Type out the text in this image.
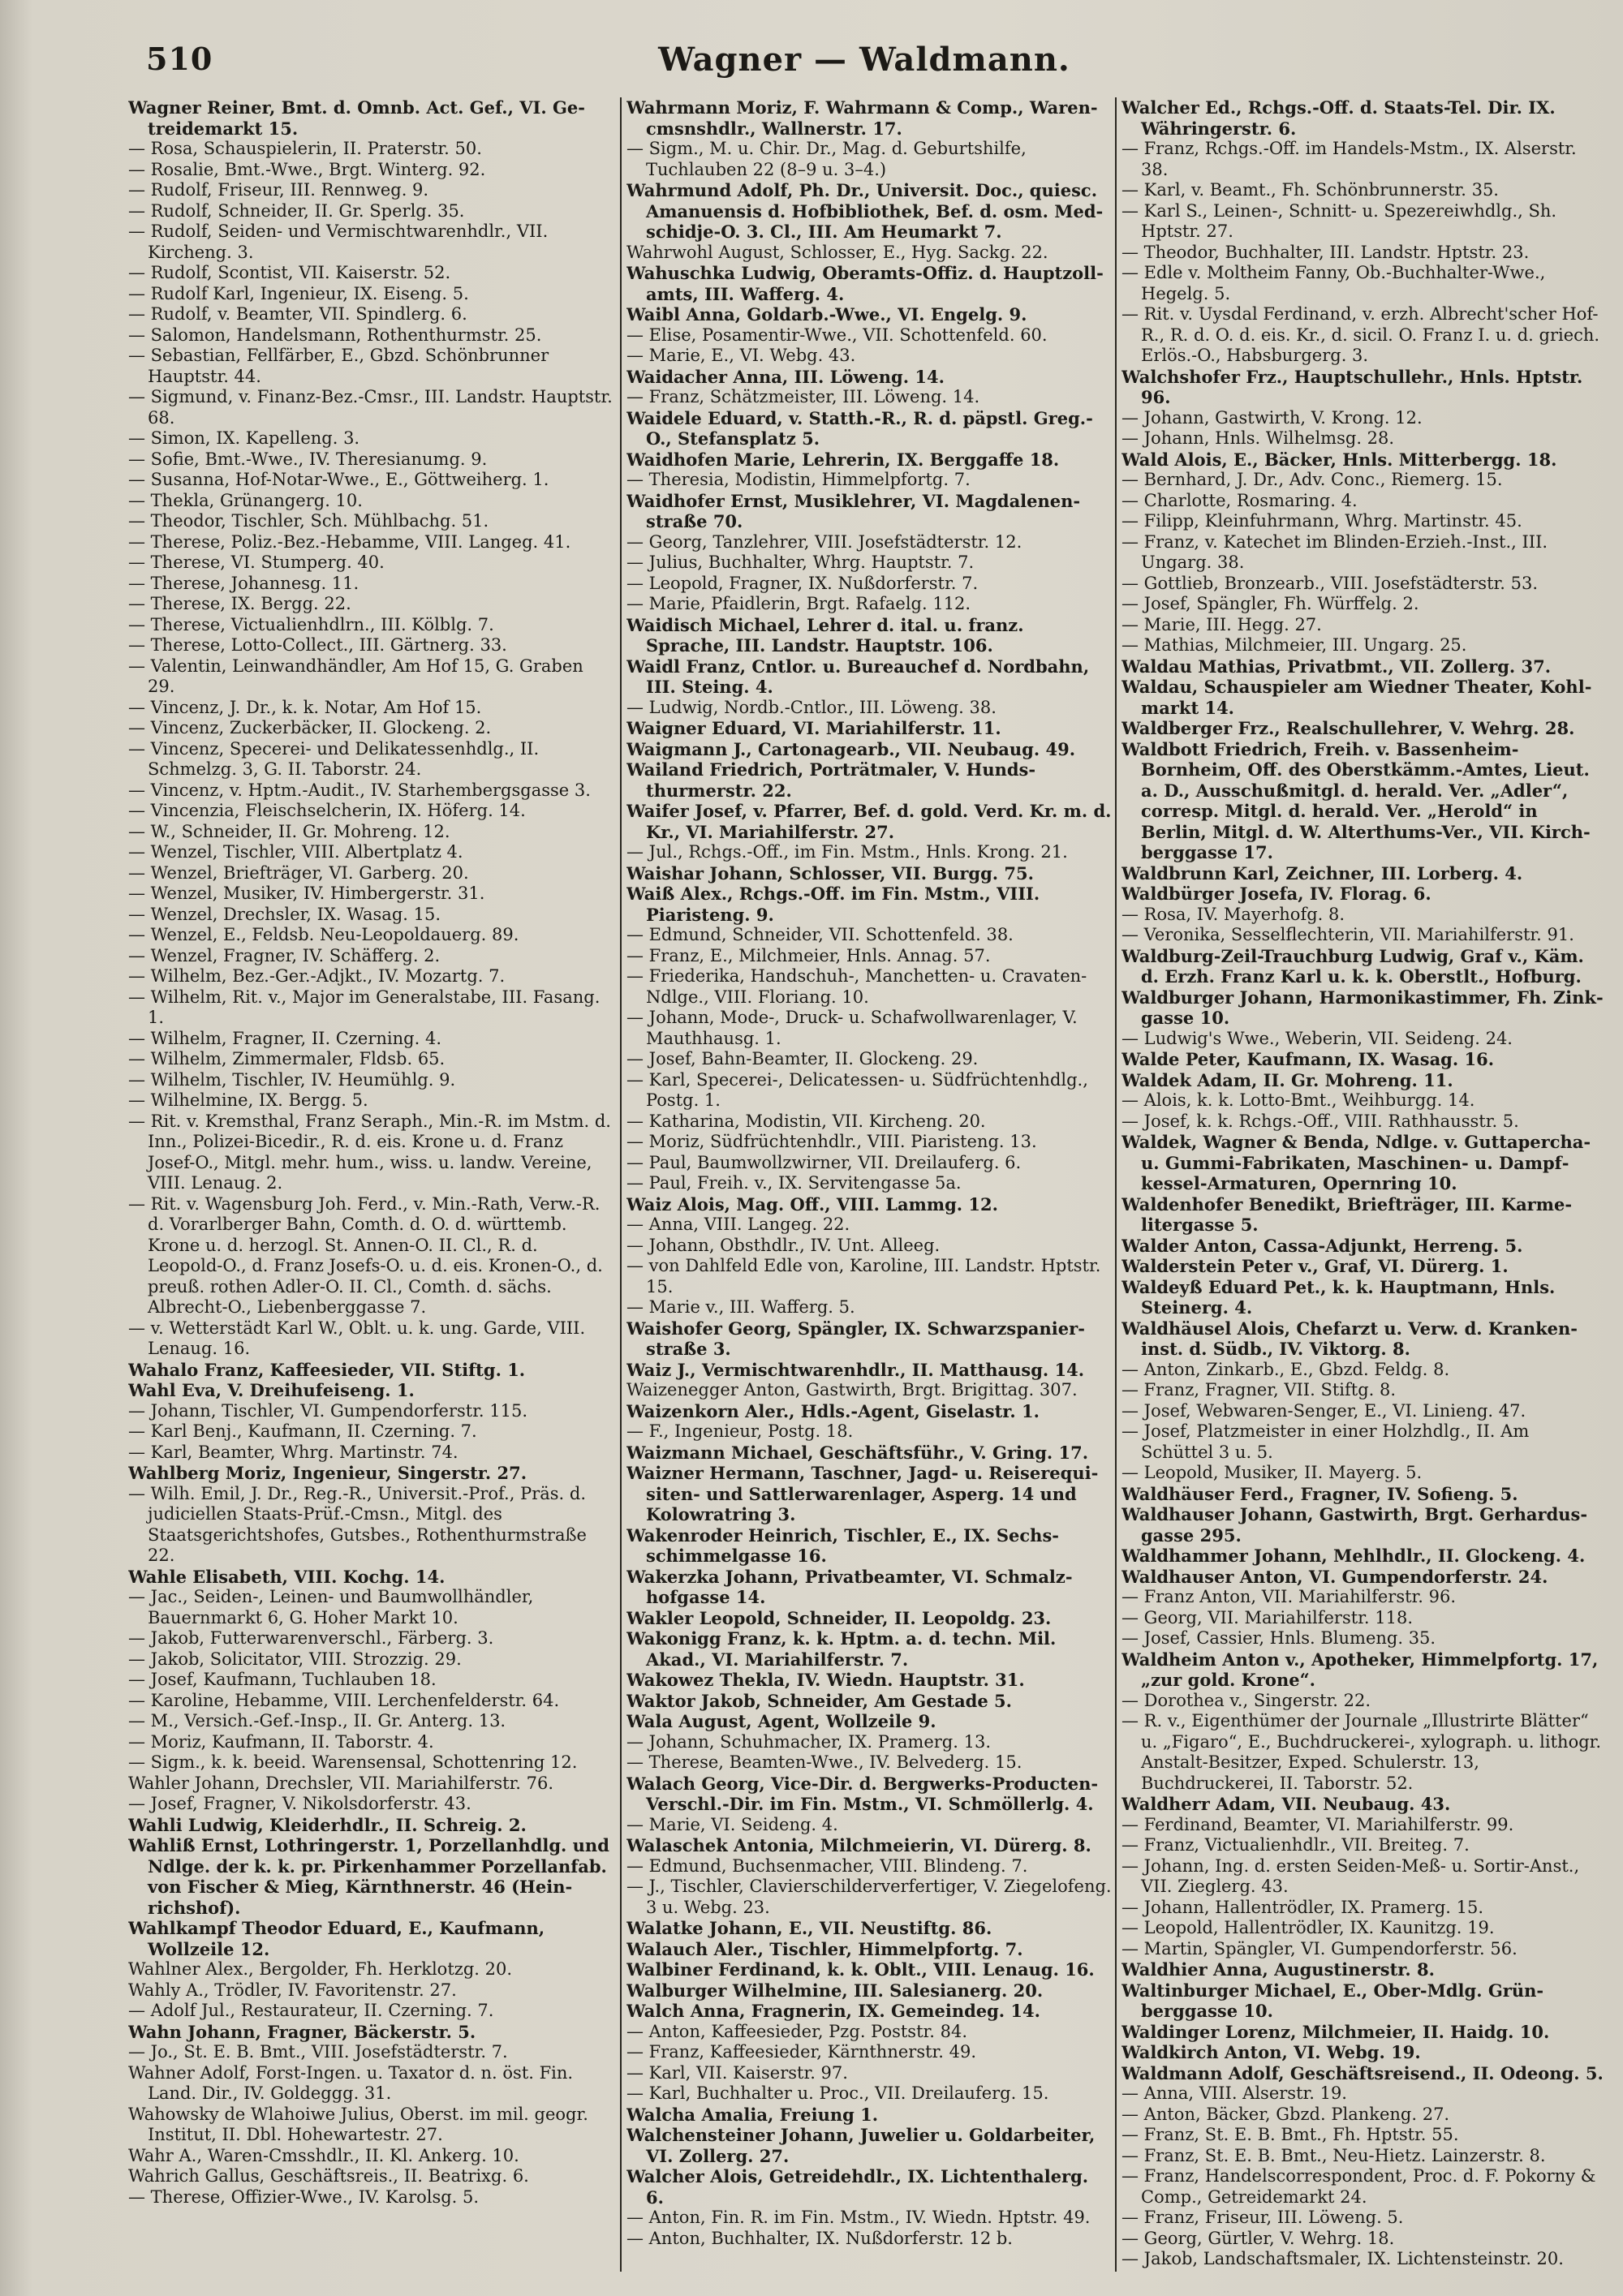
510	Wagner — Waldmann.

Wagner Reiner, Bmt. d. Omnb. Act. Gef., VI. Getreidemarkt 15.

— Rosa, Schauspielerin, II. Praterstr. 50.

— Rosalie, Bmt.-Wwe., Brgt. Winterg. 92.

— Rudolf, Friseur, III. Rennweg. 9.

— Rudolf, Schneider, II. Gr. Sperlg. 35.

— Rudolf, Seiden- und Vermischtwarenhdlr., VII. Kircheng. 3.

— Rudolf, Scontist, VII. Kaiserstr. 52.

— Rudolf Karl, Ingenieur, IX. Eiseng. 5.

— Rudolf, v. Beamter, VII. Spindlerg. 6.

— Salomon, Handelsmann, Rothenthurmstr. 25.

— Sebastian, Fellfärber, E., Gbzd. Schönbrunner Hauptstr. 44.

— Sigmund, v. Finanz-Bez.-Cmsr., III. Landstr. Hauptstr. 68.

— Simon, IX. Kapelleng. 3.

— Sofie, Bmt.-Wwe., IV. Theresianumg. 9.

— Susanna, Hof-Notar-Wwe., E., Göttweiherg. 1.

— Thekla, Grünangerg. 10.

— Theodor, Tischler, Sch. Mühlbachg. 51.

— Therese, Poliz.-Bez.-Hebamme, VIII. Langeg. 41.

— Therese, VI. Stumperg. 40.

— Therese, Johannesg. 11.

— Therese, IX. Bergg. 22.

— Therese, Victualienhdlrn., III. Kölblg. 7.

— Therese, Lotto-Collect., III. Gärtnerg. 33.

— Valentin, Leinwandhändler, Am Hof 15, G. Graben 29.

— Vincenz, J. Dr., k. k. Notar, Am Hof 15.

— Vincenz, Zuckerbäcker, II. Glockeng. 2.

— Vincenz, Specerei- und Delikatessenhdlg., II. Schmelzg. 3, G. II. Taborstr. 24.

— Vincenz, v. Hptm.-Audit., IV. Starhembergsgasse 3.

— Vincenzia, Fleischselcherin, IX. Höferg. 14.

— W., Schneider, II. Gr. Mohreng. 12.

— Wenzel, Tischler, VIII. Albertplatz 4.

— Wenzel, Briefträger, VI. Garberg. 20.

— Wenzel, Musiker, IV. Himbergerstr. 31.

— Wenzel, Drechsler, IX. Wasag. 15.

— Wenzel, E., Feldsb. Neu-Leopoldauerg. 89.

— Wenzel, Fragner, IV. Schäfferg. 2.

— Wilhelm, Bez.-Ger.-Adjkt., IV. Mozartg. 7.

— Wilhelm, Rit. v., Major im Generalstabe, III. Fasang. 1.

— Wilhelm, Fragner, II. Czerning. 4.

— Wilhelm, Zimmermaler, Fldsb. 65.

— Wilhelm, Tischler, IV. Heumühlg. 9.

— Wilhelmine, IX. Bergg. 5.

— Rit. v. Kremsthal, Franz Seraph., Min.-R. im Mstm. d. Inn., Polizei-Bicedir., R. d. eis. Krone u. d. Franz Josef-O., Mitgl. mehr. hum., wiss. u. landw. Vereine, VIII. Lenaug. 2.

— Rit. v. Wagensburg Joh. Ferd., v. Min.-Rath, Verw.-R. d. Vorarlberger Bahn, Comth. d. O. d. württemb. Krone u. d. herzogl. St. Annen-O. II. Cl., R. d. Leopold-O., d. Franz Josefs-O. u. d. eis. Kronen-O., d. preuß. rothen Adler-O. II. Cl., Comth. d. sächs. Albrecht-O., Liebenberggasse 7.

— v. Wetterstädt Karl W., Oblt. u. k. ung. Garde, VIII. Lenaug. 16.

Wahalo Franz, Kaffeesieder, VII. Stiftg. 1.

Wahl Eva, V. Dreihufeiseng. 1.

— Johann, Tischler, VI. Gumpendorferstr. 115.

— Karl Benj., Kaufmann, II. Czerning. 7.

— Karl, Beamter, Whrg. Martinstr. 74.

Wahlberg Moriz, Ingenieur, Singerstr. 27.

— Wilh. Emil, J. Dr., Reg.-R., Universit.-Prof., Präs. d. judiciellen Staats-Prüf.-Cmsn., Mitgl. des Staatsgerichtshofes, Gutsbes., Rothenthurmstraße 22.

Wahle Elisabeth, VIII. Kochg. 14.

— Jac., Seiden-, Leinen- und Baumwollhändler, Bauernmarkt 6, G. Hoher Markt 10.

— Jakob, Futterwarenverschl., Färberg. 3.

— Jakob, Solicitator, VIII. Strozzig. 29.

— Josef, Kaufmann, Tuchlauben 18.

— Karoline, Hebamme, VIII. Lerchenfelderstr. 64.

— M., Versich.-Gef.-Insp., II. Gr. Anterg. 13.

— Moriz, Kaufmann, II. Taborstr. 4.

— Sigm., k. k. beeid. Warensensal, Schottenring 12.

Wahler Johann, Drechsler, VII. Mariahilferstr. 76.

— Josef, Fragner, V. Nikolsdorferstr. 43.

Wahli Ludwig, Kleiderhdlr., II. Schreig. 2.

Wahliß Ernst, Lothringerstr. 1, Porzellanhdlg. und Ndlge. der k. k. pr. Pirkenhammer Porzellanfab. von Fischer & Mieg, Kärnthnerstr. 46 (Heinrichshof).

Wahlkampf Theodor Eduard, E., Kaufmann, Wollzeile 12.

Wahlner Alex., Bergolder, Fh. Herklotzg. 20.

Wahly A., Trödler, IV. Favoritenstr. 27.

— Adolf Jul., Restaurateur, II. Czerning. 7.

Wahn Johann, Fragner, Bäckerstr. 5.

— Jo., St. E. B. Bmt., VIII. Josefstädterstr. 7.

Wahner Adolf, Forst-Ingen. u. Taxator d. n. öst. Fin. Land. Dir., IV. Goldeggg. 31.

Wahowsky de Wlahoiwe Julius, Oberst. im mil. geogr. Institut, II. Dbl. Hohewartestr. 27.

Wahr A., Waren-Cmsshdlr., II. Kl. Ankerg. 10.

Wahrich Gallus, Geschäftsreis., II. Beatrixg. 6.

— Therese, Offizier-Wwe., IV. Karolsg. 5.

Wahrmann Moriz, F. Wahrmann & Comp., Warencmsnshdlr., Wallnerstr. 17.

— Sigm., M. u. Chir. Dr., Mag. d. Geburtshilfe, Tuchlauben 22 (8–9 u. 3–4.)

Wahrmund Adolf, Ph. Dr., Universit. Doc., quiesc. Amanuensis d. Hofbibliothek, Bef. d. osm. Medschidje-O. 3. Cl., III. Am Heumarkt 7.

Wahrwohl August, Schlosser, E., Hyg. Sackg. 22.

Wahuschka Ludwig, Oberamts-Offiz. d. Hauptzollamts, III. Wafferg. 4.

Waibl Anna, Goldarb.-Wwe., VI. Engelg. 9.

— Elise, Posamentir-Wwe., VII. Schottenfeld. 60.

— Marie, E., VI. Webg. 43.

Waidacher Anna, III. Löweng. 14.

— Franz, Schätzmeister, III. Löweng. 14.

Waidele Eduard, v. Statth.-R., R. d. päpstl. Greg.-O., Stefansplatz 5.

Waidhofen Marie, Lehrerin, IX. Berggaffe 18.

— Theresia, Modistin, Himmelpfortg. 7.

Waidhofer Ernst, Musiklehrer, VI. Magdalenenstraße 70.

— Georg, Tanzlehrer, VIII. Josefstädterstr. 12.

— Julius, Buchhalter, Whrg. Hauptstr. 7.

— Leopold, Fragner, IX. Nußdorferstr. 7.

— Marie, Pfaidlerin, Brgt. Rafaelg. 112.

Waidisch Michael, Lehrer d. ital. u. franz. Sprache, III. Landstr. Hauptstr. 106.

Waidl Franz, Cntlor. u. Bureauchef d. Nordbahn, III. Steing. 4.

— Ludwig, Nordb.-Cntlor., III. Löweng. 38.

Waigner Eduard, VI. Mariahilferstr. 11.

Waigmann J., Cartonagearb., VII. Neubaug. 49.

Wailand Friedrich, Porträtmaler, V. Hundsthurmerstr. 22.

Waifer Josef, v. Pfarrer, Bef. d. gold. Verd. Kr. m. d. Kr., VI. Mariahilferstr. 27.

— Jul., Rchgs.-Off., im Fin. Mstm., Hnls. Krong. 21.

Waishar Johann, Schlosser, VII. Burgg. 75.

Waiß Alex., Rchgs.-Off. im Fin. Mstm., VIII. Piaristeng. 9.

— Edmund, Schneider, VII. Schottenfeld. 38.

— Franz, E., Milchmeier, Hnls. Annag. 57.

— Friederika, Handschuh-, Manchetten- u. Cravaten-Ndlge., VIII. Floriang. 10.

— Johann, Mode-, Druck- u. Schafwollwarenlager, V. Mauthhausg. 1.

— Josef, Bahn-Beamter, II. Glockeng. 29.

— Karl, Specerei-, Delicatessen- u. Südfrüchtenhdlg., Postg. 1.

— Katharina, Modistin, VII. Kircheng. 20.

— Moriz, Südfrüchtenhdlr., VIII. Piaristeng. 13.

— Paul, Baumwollzwirner, VII. Dreilauferg. 6.

— Paul, Freih. v., IX. Servitengasse 5a.

Waiz Alois, Mag. Off., VIII. Lammg. 12.

— Anna, VIII. Langeg. 22.

— Johann, Obsthdlr., IV. Unt. Alleeg.

— von Dahlfeld Edle von, Karoline, III. Landstr. Hptstr. 15.

— Marie v., III. Wafferg. 5.

Waishofer Georg, Spängler, IX. Schwarzspanierstraße 3.

Waiz J., Vermischtwarenhdlr., II. Matthausg. 14.

Waizenegger Anton, Gastwirth, Brgt. Brigittag. 307.

Waizenkorn Aler., Hdls.-Agent, Giselastr. 1.

— F., Ingenieur, Postg. 18.

Waizmann Michael, Geschäftsführ., V. Gring. 17.

Waizner Hermann, Taschner, Jagd- u. Reiserequisiten- und Sattlerwarenlager, Asperg. 14 und Kolowratring 3.

Wakenroder Heinrich, Tischler, E., IX. Sechsschimmelgasse 16.

Wakerzka Johann, Privatbeamter, VI. Schmalzhofgasse 14.

Wakler Leopold, Schneider, II. Leopoldg. 23.

Wakonigg Franz, k. k. Hptm. a. d. techn. Mil. Akad., VI. Mariahilferstr. 7.

Wakowez Thekla, IV. Wiedn. Hauptstr. 31.

Waktor Jakob, Schneider, Am Gestade 5.

Wala August, Agent, Wollzeile 9.

— Johann, Schuhmacher, IX. Pramerg. 13.

— Therese, Beamten-Wwe., IV. Belvederg. 15.

Walach Georg, Vice-Dir. d. Bergwerks-Producten-Verschl.-Dir. im Fin. Mstm., VI. Schmöllerlg. 4.

— Marie, VI. Seideng. 4.

Walaschek Antonia, Milchmeierin, VI. Dürerg. 8.

— Edmund, Buchsenmacher, VIII. Blindeng. 7.

— J., Tischler, Clavierschilderverfertiger, V. Ziegelofeng. 3 u. Webg. 23.

Walatke Johann, E., VII. Neustiftg. 86.

Walauch Aler., Tischler, Himmelpfortg. 7.

Walbiner Ferdinand, k. k. Oblt., VIII. Lenaug. 16.

Walburger Wilhelmine, III. Salesianerg. 20.

Walch Anna, Fragnerin, IX. Gemeindeg. 14.

— Anton, Kaffeesieder, Pzg. Poststr. 84.

— Franz, Kaffeesieder, Kärnthnerstr. 49.

— Karl, VII. Kaiserstr. 97.

— Karl, Buchhalter u. Proc., VII. Dreilauferg. 15.

Walcha Amalia, Freiung 1.

Walchensteiner Johann, Juwelier u. Goldarbeiter, VI. Zollerg. 27.

Walcher Alois, Getreidehdlr., IX. Lichtenthalerg. 6.

— Anton, Fin. R. im Fin. Mstm., IV. Wiedn. Hptstr. 49.

— Anton, Buchhalter, IX. Nußdorferstr. 12 b.

Walcher Ed., Rchgs.-Off. d. Staats-Tel. Dir. IX. Währingerstr. 6.

— Franz, Rchgs.-Off. im Handels-Mstm., IX. Alserstr. 38.

— Karl, v. Beamt., Fh. Schönbrunnerstr. 35.

— Karl S., Leinen-, Schnitt- u. Spezereiwhdlg., Sh. Hptstr. 27.

— Theodor, Buchhalter, III. Landstr. Hptstr. 23.

— Edle v. Moltheim Fanny, Ob.-Buchhalter-Wwe., Hegelg. 5.

— Rit. v. Uysdal Ferdinand, v. erzh. Albrecht'scher Hof-R., R. d. O. d. eis. Kr., d. sicil. O. Franz I. u. d. griech. Erlös.-O., Habsburgerg. 3.

Walchshofer Frz., Hauptschullehr., Hnls. Hptstr. 96.

— Johann, Gastwirth, V. Krong. 12.

— Johann, Hnls. Wilhelmsg. 28.

Wald Alois, E., Bäcker, Hnls. Mitterbergg. 18.

— Bernhard, J. Dr., Adv. Conc., Riemerg. 15.

— Charlotte, Rosmaring. 4.

— Filipp, Kleinfuhrmann, Whrg. Martinstr. 45.

— Franz, v. Katechet im Blinden-Erzieh.-Inst., III. Ungarg. 38.

— Gottlieb, Bronzearb., VIII. Josefstädterstr. 53.

— Josef, Spängler, Fh. Würffelg. 2.

— Marie, III. Hegg. 27.

— Mathias, Milchmeier, III. Ungarg. 25.

Waldau Mathias, Privatbmt., VII. Zollerg. 37.

Waldau, Schauspieler am Wiedner Theater, Kohlmarkt 14.

Waldberger Frz., Realschullehrer, V. Wehrg. 28.

Waldbott Friedrich, Freih. v. Bassenheim-Bornheim, Off. des Oberstkämm.-Amtes, Lieut. a. D., Ausschußmitgl. d. herald. Ver. „Adler“, corresp. Mitgl. d. herald. Ver. „Herold“ in Berlin, Mitgl. d. W. Alterthums-Ver., VII. Kirchberggasse 17.

Waldbrunn Karl, Zeichner, III. Lorberg. 4.

Waldbürger Josefa, IV. Florag. 6.

— Rosa, IV. Mayerhofg. 8.

— Veronika, Sesselflechterin, VII. Mariahilferstr. 91.

Waldburg-Zeil-Trauchburg Ludwig, Graf v., Käm. d. Erzh. Franz Karl u. k. k. Oberstlt., Hofburg.

Waldburger Johann, Harmonikastimmer, Fh. Zinkgasse 10.

— Ludwig's Wwe., Weberin, VII. Seideng. 24.

Walde Peter, Kaufmann, IX. Wasag. 16.

Waldek Adam, II. Gr. Mohreng. 11.

— Alois, k. k. Lotto-Bmt., Weihburgg. 14.

— Josef, k. k. Rchgs.-Off., VIII. Rathhausstr. 5.

Waldek, Wagner & Benda, Ndlge. v. Guttapercha- u. Gummi-Fabrikaten, Maschinen- u. Dampfkessel-Armaturen, Opernring 10.

Waldenhofer Benedikt, Briefträger, III. Karmelitergasse 5.

Walder Anton, Cassa-Adjunkt, Herreng. 5.

Walderstein Peter v., Graf, VI. Dürerg. 1.

Waldeyß Eduard Pet., k. k. Hauptmann, Hnls. Steinerg. 4.

Waldhäusel Alois, Chefarzt u. Verw. d. Krankeninst. d. Südb., IV. Viktorg. 8.

— Anton, Zinkarb., E., Gbzd. Feldg. 8.

— Franz, Fragner, VII. Stiftg. 8.

— Josef, Webwaren-Senger, E., VI. Linieng. 47.

— Josef, Platzmeister in einer Holzhdlg., II. Am Schüttel 3 u. 5.

— Leopold, Musiker, II. Mayerg. 5.

Waldhäuser Ferd., Fragner, IV. Sofieng. 5.

Waldhauser Johann, Gastwirth, Brgt. Gerhardusgasse 295.

Waldhammer Johann, Mehlhdlr., II. Glockeng. 4.

Waldhauser Anton, VI. Gumpendorferstr. 24.

— Franz Anton, VII. Mariahilferstr. 96.

— Georg, VII. Mariahilferstr. 118.

— Josef, Cassier, Hnls. Blumeng. 35.

Waldheim Anton v., Apotheker, Himmelpfortg. 17, „zur gold. Krone“.

— Dorothea v., Singerstr. 22.

— R. v., Eigenthümer der Journale „Illustrirte Blätter“ u. „Figaro“, E., Buchdruckerei-, xylograph. u. lithogr. Anstalt-Besitzer, Exped. Schulerstr. 13, Buchdruckerei, II. Taborstr. 52.

Waldherr Adam, VII. Neubaug. 43.

— Ferdinand, Beamter, VI. Mariahilferstr. 99.

— Franz, Victualienhdlr., VII. Breiteg. 7.

— Johann, Ing. d. ersten Seiden-Meß- u. Sortir-Anst., VII. Zieglerg. 43.

— Johann, Hallentrödler, IX. Pramerg. 15.

— Leopold, Hallentrödler, IX. Kaunitzg. 19.

— Martin, Spängler, VI. Gumpendorferstr. 56.

Waldhier Anna, Augustinerstr. 8.

Waltinburger Michael, E., Ober-Mdlg. Grünberggasse 10.

Waldinger Lorenz, Milchmeier, II. Haidg. 10.

Waldkirch Anton, VI. Webg. 19.

Waldmann Adolf, Geschäftsreisend., II. Odeong. 5.

— Anna, VIII. Alserstr. 19.

— Anton, Bäcker, Gbzd. Plankeng. 27.

— Franz, St. E. B. Bmt., Fh. Hptstr. 55.

— Franz, St. E. B. Bmt., Neu-Hietz. Lainzerstr. 8.

— Franz, Handelscorrespondent, Proc. d. F. Pokorny & Comp., Getreidemarkt 24.

— Franz, Friseur, III. Löweng. 5.

— Georg, Gürtler, V. Wehrg. 18.

— Jakob, Landschaftsmaler, IX. Lichtensteinstr. 20.
